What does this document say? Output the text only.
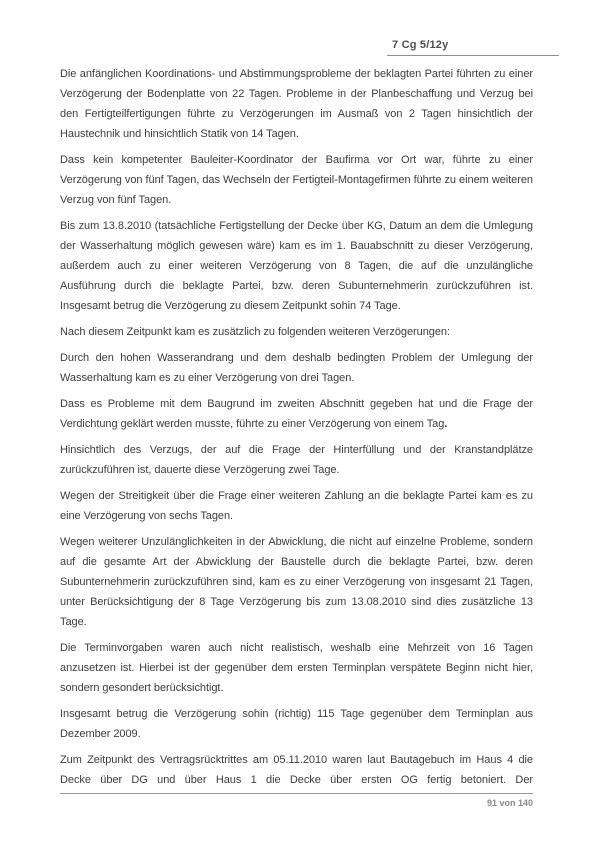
7 Cg 5/12y

Die anfänglichen Koordinations- und Abstimmungsprobleme der beklagten Partei führten zu einer Verzögerung der Bodenplatte von 22 Tagen. Probleme in der Planbeschaffung und Verzug bei den Fertigteilfertigungen führte zu Verzögerungen im Ausmaß von 2 Tagen hinsichtlich der Haustechnik und hinsichtlich Statik von 14 Tagen.

Dass kein kompetenter Bauleiter-Koordinator der Baufirma vor Ort war, führte zu einer Verzögerung von fünf Tagen, das Wechseln der Fertigteil-Montagefirmen führte zu einem weiteren Verzug von fünf Tagen.

Bis zum 13.8.2010 (tatsächliche Fertigstellung der Decke über KG, Datum an dem die Umlegung der Wasserhaltung möglich gewesen wäre) kam es im 1. Bauabschnitt zu dieser Verzögerung, außerdem auch zu einer weiteren Verzögerung von 8 Tagen, die auf die unzulängliche Ausführung durch die beklagte Partei, bzw. deren Subunternehmerin zurückzuführen ist. Insgesamt betrug die Verzögerung zu diesem Zeitpunkt sohin 74 Tage.

Nach diesem Zeitpunkt kam es zusätzlich zu folgenden weiteren Verzögerungen:

Durch den hohen Wasserandrang und dem deshalb bedingten Problem der Umlegung der Wasserhaltung kam es zu einer Verzögerung von drei Tagen.

Dass es Probleme mit dem Baugrund im zweiten Abschnitt gegeben hat und die Frage der Verdichtung geklärt werden musste, führte zu einer Verzögerung von einem Tag.

Hinsichtlich des Verzugs, der auf die Frage der Hinterfüllung und der Kranstandplätze zurückzuführen ist, dauerte diese Verzögerung zwei Tage.

Wegen der Streitigkeit über die Frage einer weiteren Zahlung an die beklagte Partei kam es zu eine Verzögerung von sechs Tagen.

Wegen weiterer Unzulänglichkeiten in der Abwicklung, die nicht auf einzelne Probleme, sondern auf die gesamte Art der Abwicklung der Baustelle durch die beklagte Partei, bzw. deren Subunternehmerin zurückzuführen sind, kam es zu einer Verzögerung von insgesamt 21 Tagen, unter Berücksichtigung der 8 Tage Verzögerung bis zum 13.08.2010 sind dies zusätzliche 13 Tage.

Die Terminvorgaben waren auch nicht realistisch, weshalb eine Mehrzeit von 16 Tagen anzusetzen ist. Hierbei ist der gegenüber dem ersten Terminplan verspätete Beginn nicht hier, sondern gesondert berücksichtigt.

Insgesamt betrug die Verzögerung sohin (richtig) 115 Tage gegenüber dem Terminplan aus Dezember 2009.

Zum Zeitpunkt des Vertragsrücktrittes am 05.11.2010 waren laut Bautagebuch im Haus 4 die Decke über DG und über Haus 1 die Decke über ersten OG fertig betoniert. Der

91 von 140
